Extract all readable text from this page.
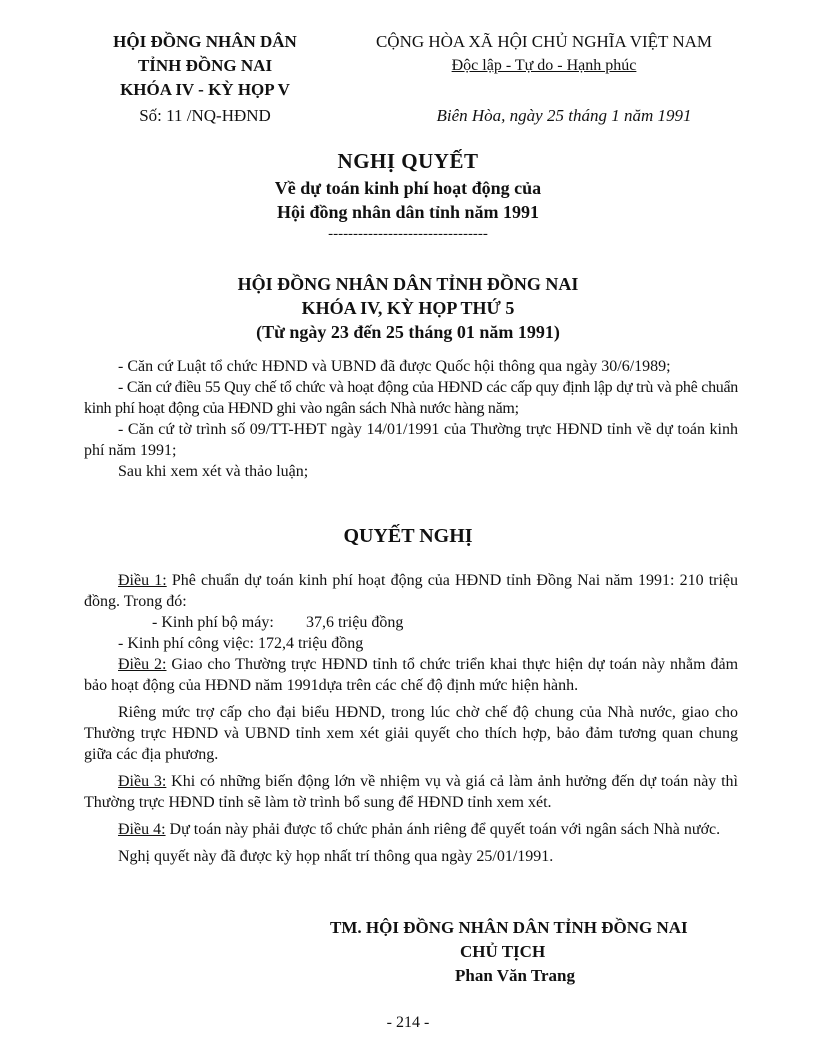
HỘI ĐỒNG NHÂN DÂN
TỈNH ĐỒNG NAI
KHÓA IV - KỲ HỌP V
Số: 11 /NQ-HĐND
CỘNG HÒA XÃ HỘI CHỦ NGHĨA VIỆT NAM
Độc lập - Tự do - Hạnh phúc
Biên Hòa, ngày 25 tháng 1 năm 1991
NGHỊ QUYẾT
Về dự toán kinh phí hoạt động của
Hội đồng nhân dân tỉnh năm 1991
--------------------------------
HỘI ĐỒNG NHÂN DÂN TỈNH ĐỒNG NAI
KHÓA IV, KỲ HỌP THỨ 5
(Từ ngày 23 đến 25 tháng 01 năm 1991)

- Căn cứ Luật tổ chức HĐND và UBND đã được Quốc hội thông qua ngày 30/6/1989;

- Căn cứ điều 55 Quy chế tổ chức và hoạt động của HĐND các cấp quy định lập dự trù và phê chuẩn kinh phí hoạt động của HĐND ghi vào ngân sách Nhà nước hàng năm;

- Căn cứ tờ trình số 09/TT-HĐT ngày 14/01/1991 của Thường trực HĐND tỉnh về dự toán kinh phí năm 1991;

Sau khi xem xét và thảo luận;

QUYẾT NGHỊ

Điều 1: Phê chuẩn dự toán kinh phí hoạt động của HĐND tỉnh Đồng Nai năm 1991: 210 triệu đồng. Trong đó:

- Kinh phí bộ máy: 37,6 triệu đồng

- Kinh phí công việc: 172,4 triệu đồng

Điều 2: Giao cho Thường trực HĐND tỉnh tổ chức triển khai thực hiện dự toán này nhằm đảm bảo hoạt động của HĐND năm 1991dựa trên các chế độ định mức hiện hành.

Riêng mức trợ cấp cho đại biểu HĐND, trong lúc chờ chế độ chung của Nhà nước, giao cho Thường trực HĐND và UBND tỉnh xem xét giải quyết cho thích hợp, bảo đảm tương quan chung giữa các địa phương.

Điều 3: Khi có những biến động lớn về nhiệm vụ và giá cả làm ảnh hưởng đến dự toán này thì Thường trực HĐND tỉnh sẽ làm tờ trình bổ sung để HĐND tỉnh xem xét.

Điều 4: Dự toán này phải được tổ chức phản ánh riêng để quyết toán với ngân sách Nhà nước.

Nghị quyết này đã được kỳ họp nhất trí thông qua ngày 25/01/1991.

TM. HỘI ĐỒNG NHÂN DÂN TỈNH ĐỒNG NAI
CHỦ TỊCH
Phan Văn Trang
- 214 -
